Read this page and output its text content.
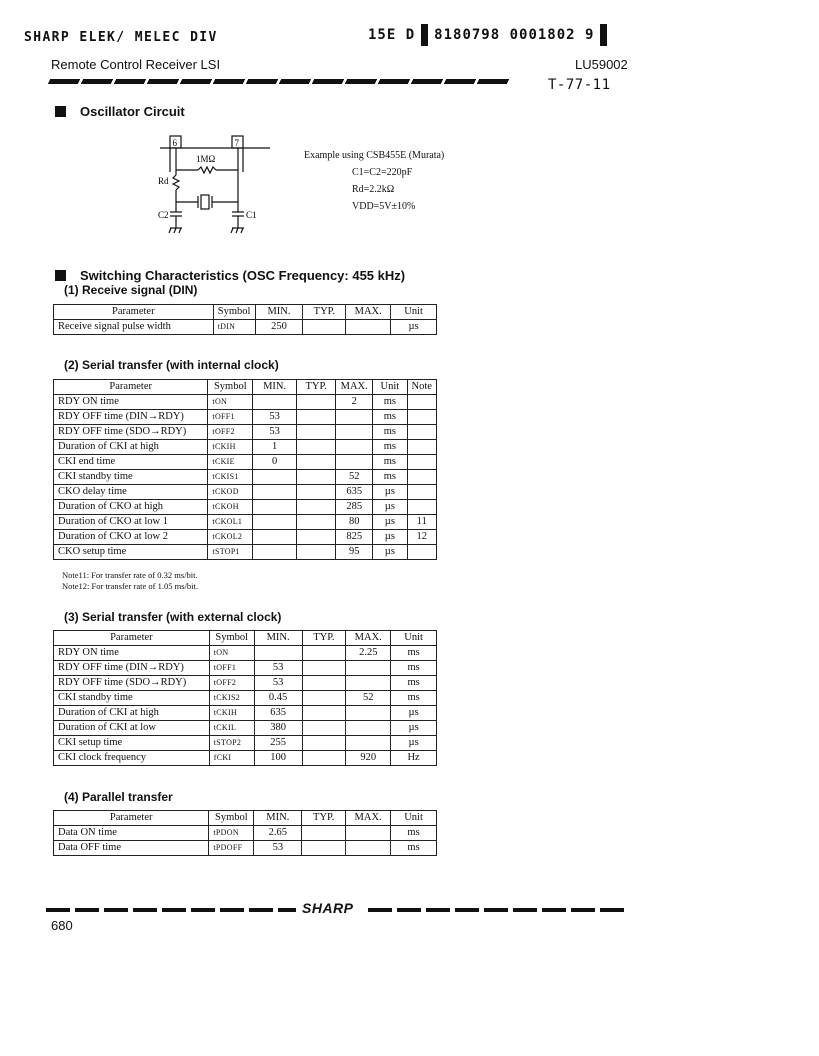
SHARP ELEK/ MELEC DIV	15E D 8180798 0001802 9
Remote Control Receiver LSI	LU59002
T-77-11
Oscillator Circuit
6	7
1MΩ
Rd
C2	C1
Example using CSB455E (Murata)
C1=C2=220pF
Rd=2.2kΩ
VDD=5V±10%
Switching Characteristics (OSC Frequency: 455 kHz)
(1) Receive signal (DIN)
Parameter	Symbol	MIN.	TYP.	MAX.	Unit
Receive signal pulse width	tDIN	250			µs
(2) Serial transfer (with internal clock)
Parameter	Symbol	MIN.	TYP.	MAX.	Unit	Note
RDY ON time	tON			2	ms	
RDY OFF time (DIN→RDY)	tOFF1	53			ms	
RDY OFF time (SDO→RDY)	tOFF2	53			ms	
Duration of CKI at high	tCKIH	1			ms	
CKI end time	tCKIE	0			ms	
CKI standby time	tCKIS1			52	ms	
CKO delay time	tCKOD			635	µs	
Duration of CKO at high	tCKOH			285	µs	
Duration of CKO at low 1	tCKOL1			80	µs	11
Duration of CKO at low 2	tCKOL2			825	µs	12
CKO setup time	tSTOP1			95	µs	
Note11: For transfer rate of 0.32 ms/bit.
Note12: For transfer rate of 1.05 ms/bit.
(3) Serial transfer (with external clock)
Parameter	Symbol	MIN.	TYP.	MAX.	Unit
RDY ON time	tON			2.25	ms
RDY OFF time (DIN→RDY)	tOFF1	53			ms
RDY OFF time (SDO→RDY)	tOFF2	53			ms
CKI standby time	tCKIS2	0.45		52	ms
Duration of CKI at high	tCKIH	635			µs
Duration of CKI at low	tCKIL	380			µs
CKI setup time	tSTOP2	255			µs
CKI clock frequency	fCKI	100		920	Hz
(4) Parallel transfer
Parameter	Symbol	MIN.	TYP.	MAX.	Unit
Data ON time	tPDON	2.65			ms
Data OFF time	tPDOFF	53			ms
SHARP
680
